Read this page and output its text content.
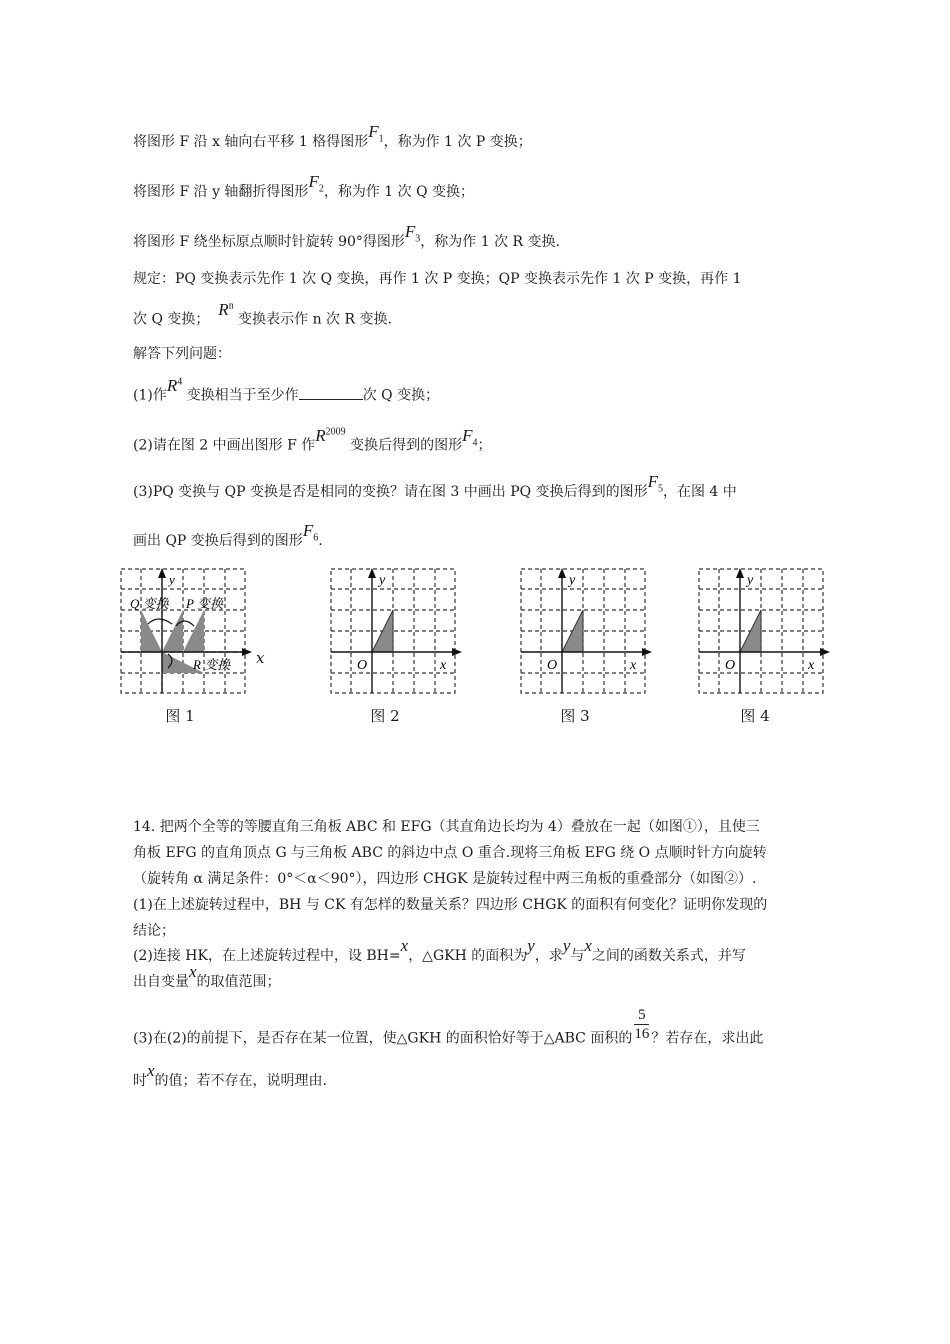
将图形 F 沿 x 轴向右平移 1 格得图形$F_1$，称为作 1 次 P 变换；
将图形 F 沿 y 轴翻折得图形$F_2$，称为作 1 次 Q 变换；
将图形 F 绕坐标原点顺时针旋转 90°得图形$F_3$，称为作 1 次 R 变换.
规定：PQ 变换表示先作 1 次 Q 变换，再作 1 次 P 变换；QP 变换表示先作 1 次 P 变换，再作 1
次 Q 变换；  $R^n$ 变换表示作 n 次 R 变换.
解答下列问题：
(1)作$R^4$ 变换相当于至少作	次 Q 变换；
(2)请在图 2 中画出图形 F 作$R^{2009}$ 变换后得到的图形$F_4$；
(3)PQ 变换与 QP 变换是否是相同的变换？请在图 3 中画出 PQ 变换后得到的图形$F_5$，在图 4 中
画出 QP 变换后得到的图形$F_6$.
Q 变换 P 变换
R 变换
y
x
图 1
y
O	x
图 2
y
O	x
图 3
y
O	x
图 4
14. 把两个全等的等腰直角三角板 ABC 和 EFG（其直角边长均为 4）叠放在一起（如图①），且使三
角板 EFG 的直角顶点 G 与三角板 ABC 的斜边中点 O 重合.现将三角板 EFG 绕 O 点顺时针方向旋转
（旋转角 α 满足条件：0°＜α＜90°），四边形 CHGK 是旋转过程中两三角板的重叠部分（如图②）.
(1)在上述旋转过程中，BH 与 CK 有怎样的数量关系？四边形 CHGK 的面积有何变化？证明你发现的
结论；
(2)连接 HK，在上述旋转过程中，设 BH=x，△GKH 的面积为y，求y与x之间的函数关系式，并写
出自变量x的取值范围；
(3)在(2)的前提下，是否存在某一位置，使△GKH 的面积恰好等于△ABC 面积的 $\frac{5}{16}$ ？若存在，求出此
时x的值；若不存在，说明理由.
